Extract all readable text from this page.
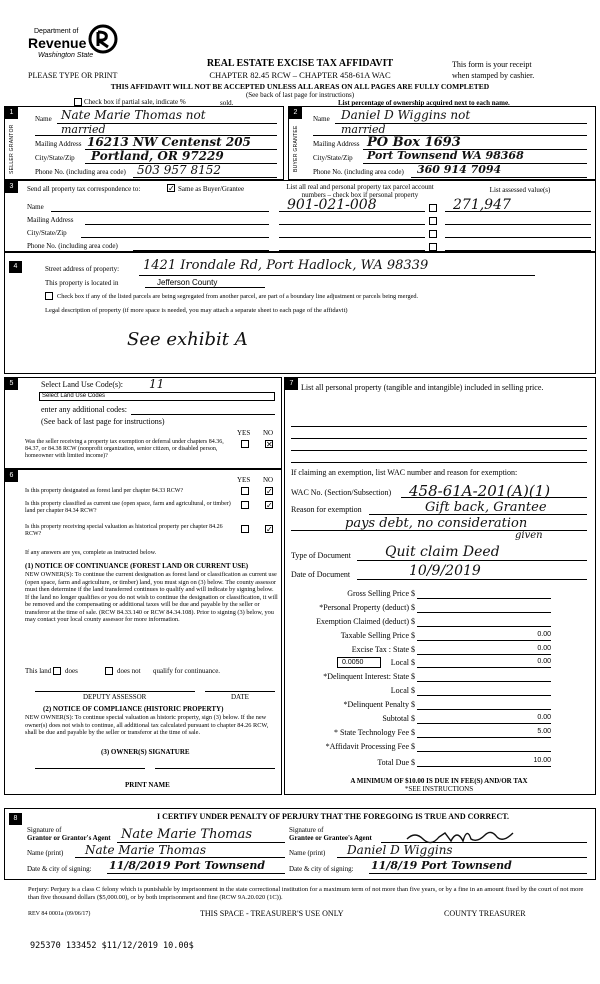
Department of
Revenue
Washington State
PLEASE TYPE OR PRINT
REAL ESTATE EXCISE TAX AFFIDAVIT
CHAPTER 82.45 RCW – CHAPTER 458-61A WAC
This form is your receipt
when stamped by cashier.
THIS AFFIDAVIT WILL NOT BE ACCEPTED UNLESS ALL AREAS ON ALL PAGES ARE FULLY COMPLETED
(See back of last page for instructions)
Check box if partial sale, indicate %	sold.	List percentage of ownership acquired next to each name.
1
SELLER GRANTOR
Name Nate Marie Thomas not
married
Mailing Address 16213 NW Centenst 205
City/State/Zip Portland, OR 97229
Phone No. (including area code) 503 957 8152
2
BUYER GRANTEE
Name Daniel D Wiggins not
married
Mailing Address PO Box 1693
City/State/Zip Port Townsend WA 98368
Phone No. (including area code) 360 914 7094
3	Send all property tax correspondence to:	✓ Same as Buyer/Grantee
Name
Mailing Address
City/State/Zip
Phone No. (including area code)
List all real and personal property tax parcel account numbers – check box if personal property
List assessed value(s)
901-021-008	271,947
4	Street address of property: 1421 Irondale Rd, Port Hadlock, WA 98339
This property is located in	Jefferson County
Check box if any of the listed parcels are being segregated from another parcel, are part of a boundary line adjustment or parcels being merged.
Legal description of property (if more space is needed, you may attach a separate sheet to each page of the affidavit)
See exhibit A
5	Select Land Use Code(s): 11
Select Land Use Codes
enter any additional codes:
(See back of last page for instructions)
YES NO
Was the seller receiving a property tax exemption or deferral under chapters 84.36, 84.37, or 84.38 RCW (nonprofit organization, senior citizen, or disabled person, homeowner with limited income)?
✕
6
YES NO
Is this property designated as forest land per chapter 84.33 RCW?	✓
Is this property classified as current use (open space, farm and agricultural, or timber) land per chapter 84.34 RCW?
✓
Is this property receiving special valuation as historical property per chapter 84.26 RCW?	✓
If any answers are yes, complete as instructed below.
(1) NOTICE OF CONTINUANCE (FOREST LAND OR CURRENT USE)
NEW OWNER(S): To continue the current designation as forest land or classification as current use (open space, farm and agriculture, or timber) land, you must sign on (3) below. The county assessor must then determine if the land transferred continues to qualify and will indicate by signing below. If the land no longer qualifies or you do not wish to continue the designation or classification, it will be removed and the compensating or additional taxes will be due and payable by the seller or transferor at the time of sale. (RCW 84.33.140 or RCW 84.34.108). Prior to signing (3) below, you may contact your local county assessor for more information.
This land does	does not qualify for continuance.
DEPUTY ASSESSOR	DATE
(2) NOTICE OF COMPLIANCE (HISTORIC PROPERTY)
NEW OWNER(S): To continue special valuation as historic property, sign (3) below. If the new owner(s) does not wish to continue, all additional tax calculated pursuant to chapter 84.26 RCW, shall be due and payable by the seller or transferor at the time of sale.
(3) OWNER(S) SIGNATURE
PRINT NAME
7 List all personal property (tangible and intangible) included in selling price.
If claiming an exemption, list WAC number and reason for exemption:
WAC No. (Section/Subsection) 458-61A-201(A)(1)
Reason for exemption	Gift back, Grantee
pays debt, no consideration
given
Type of Document Quit claim Deed
Date of Document	10/9/2019
Gross Selling Price $
*Personal Property (deduct) $
Exemption Claimed (deduct) $
Taxable Selling Price $	0.00
Excise Tax : State $	0.00
0.0050	Local $	0.00
*Delinquent Interest: State $
Local $
*Delinquent Penalty $
Subtotal $	0.00
* State Technology Fee $	5.00
*Affidavit Processing Fee $
Total Due $	10.00
A MINIMUM OF $10.00 IS DUE IN FEE(S) AND/OR TAX
*SEE INSTRUCTIONS
8	I CERTIFY UNDER PENALTY OF PERJURY THAT THE FOREGOING IS TRUE AND CORRECT.
Signature of
Grantor or Grantor's Agent Nate Marie Thomas
Name (print) Nate Marie Thomas
Date & city of signing: 11/8/2019 Port Townsend
Signature of
Grantee or Grantee's Agent
Name (print) Daniel D Wiggins
Date & city of signing: 11/8/19 Port Townsend
Perjury: Perjury is a class C felony which is punishable by imprisonment in the state correctional institution for a maximum term of not more than five years, or by a fine in an amount fixed by the court of not more than five thousand dollars ($5,000.00), or by both imprisonment and fine (RCW 9A.20.020 (1C)).
REV 84 0001a (09/06/17)	THIS SPACE - TREASURER'S USE ONLY	COUNTY TREASURER
925370 133452 $11/12/2019 10.00$
